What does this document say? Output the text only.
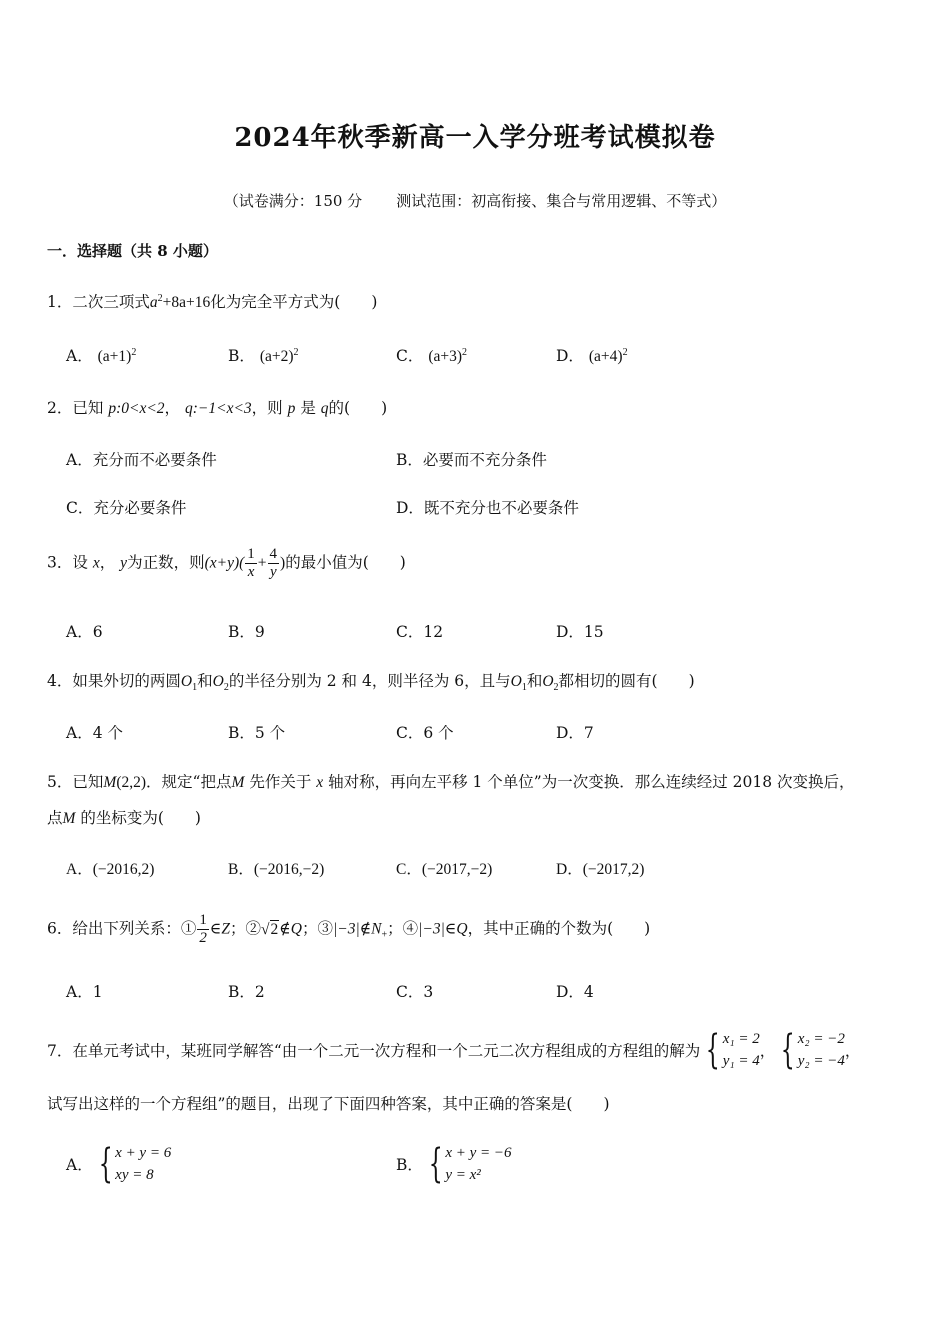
2024年秋季新高一入学分班考试模拟卷
（试卷满分：150 分 测试范围：初高衔接、集合与常用逻辑、不等式）
一．选择题（共 8 小题）
1．二次三项式$a^2+8a+16$化为完全平方式为(　　)
A． $(a+1)^2$	B． $(a+2)^2$	C． $(a+3)^2$	D． $(a+4)^2$
2．已知 p:0<x<2， q:−1<x<3，则 p 是 q的(　　)
A．充分而不必要条件	B．必要而不充分条件
C．充分必要条件	D．既不充分也不必要条件
3．设 x， y为正数，则$(x+y)( \frac{1}{x} + \frac{4}{y}$ )的最小值为(　　)
A．6	B．9	C．12	D．15
4．如果外切的两圆$O_1$和$O_2$的半径分别为 2 和 4，则半径为 6，且与$O_1$和$O_2$都相切的圆有(　　)
A．4 个	B．5 个	C．6 个	D．7
5．已知M(2,2)．规定“把点M 先作关于 x 轴对称，再向左平移 1 个单位”为一次变换．那么连续经过 2018 次变换后，
点M 的坐标变为(　　)
A．(−2016,2)	B．(−2016,−2)	C．(−2017,−2)	D．(−2017,2)
6．给出下列关系：① $\frac{1}{2}$ ∈Z；②√2∉Q；$③|-3|\notin N_+$；④|−3|∈Q，其中正确的个数为(　　)
A．1	B．2	C．3	D．4
7． 在单元考试中，某班同学解答“由一个二元一次方程和一个二元二次方程组成的方程组的解为 { x₁ = 2
y₁ = 4
， { x₂ = −2
y₂ = −4
，
试写出这样的一个方程组”的题目，出现了下面四种答案，其中正确的答案是(　　)
A． { x + y = 6
xy = 8
B． { x + y = −6
y = x²
